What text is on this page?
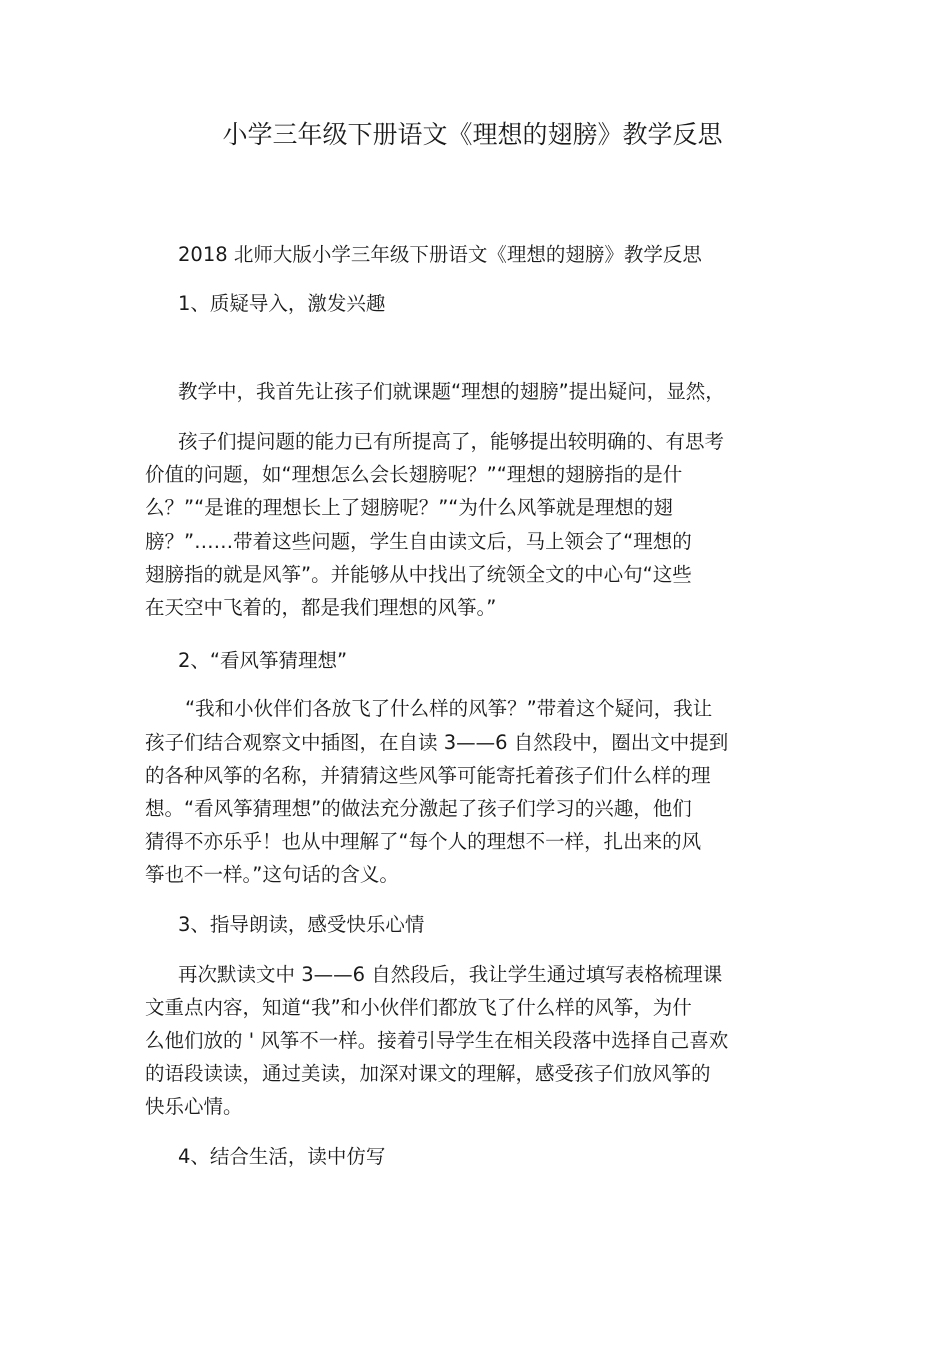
小学三年级下册语文《理想的翅膀》教学反思

2018 北师大版小学三年级下册语文《理想的翅膀》教学反思

1、质疑导入，激发兴趣

教学中，我首先让孩子们就课题“理想的翅膀”提出疑问，显然，

孩子们提问题的能力已有所提高了，能够提出较明确的、有思考

价值的问题，如“理想怎么会长翅膀呢？”“理想的翅膀指的是什

么？”“是谁的理想长上了翅膀呢？”“为什么风筝就是理想的翅

膀？”……带着这些问题，学生自由读文后，马上领会了“理想的

翅膀指的就是风筝”。并能够从中找出了统领全文的中心句“这些

在天空中飞着的，都是我们理想的风筝。”

2、“看风筝猜理想”

“我和小伙伴们各放飞了什么样的风筝？”带着这个疑问，我让

孩子们结合观察文中插图，在自读 3——6 自然段中，圈出文中提到

的各种风筝的名称，并猜猜这些风筝可能寄托着孩子们什么样的理

想。“看风筝猜理想”的做法充分激起了孩子们学习的兴趣，他们

猜得不亦乐乎！也从中理解了“每个人的理想不一样，扎出来的风

筝也不一样。”这句话的含义。

3、指导朗读，感受快乐心情

再次默读文中 3——6 自然段后，我让学生通过填写表格梳理课

文重点内容，知道“我”和小伙伴们都放飞了什么样的风筝，为什

么他们放的 ' 风筝不一样。接着引导学生在相关段落中选择自己喜欢

的语段读读，通过美读，加深对课文的理解，感受孩子们放风筝的

快乐心情。

4、结合生活，读中仿写
